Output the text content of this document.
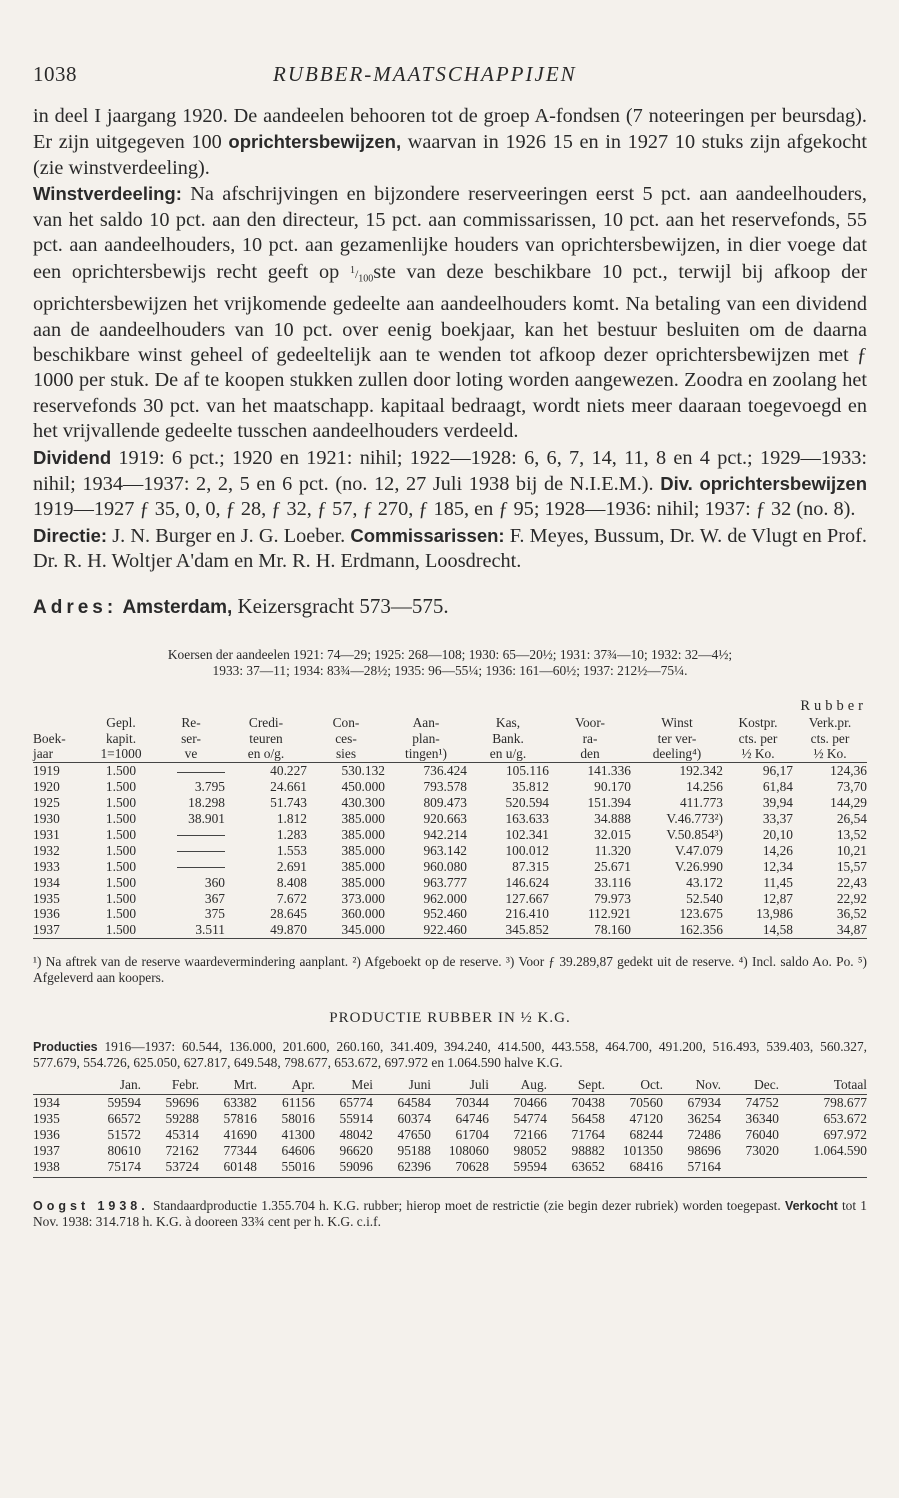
1038	RUBBER-MAATSCHAPPIJEN

in deel I jaargang 1920. De aandeelen behooren tot de groep A-fondsen (7 noteeringen per beursdag). Er zijn uitgegeven 100 oprichtersbewijzen, waarvan in 1926 15 en in 1927 10 stuks zijn afgekocht (zie winstverdeeling).

Winstverdeeling: Na afschrijvingen en bijzondere reserveeringen eerst 5 pct. aan aandeelhouders, van het saldo 10 pct. aan den directeur, 15 pct. aan commissarissen, 10 pct. aan het reservefonds, 55 pct. aan aandeelhouders, 10 pct. aan gezamenlijke houders van oprichtersbewijzen, in dier voege dat een oprichtersbewijs recht geeft op $^1/_{100}ste$ van deze beschikbare 10 pct., terwijl bij afkoop der oprichtersbewijzen het vrijkomende gedeelte aan aandeelhouders komt. Na betaling van een dividend aan de aandeelhouders van 10 pct. over eenig boekjaar, kan het bestuur besluiten om de daarna beschikbare winst geheel of gedeeltelijk aan te wenden tot afkoop dezer oprichtersbewijzen met ƒ 1000 per stuk. De af te koopen stukken zullen door loting worden aangewezen. Zoodra en zoolang het reservefonds 30 pct. van het maatschapp. kapitaal bedraagt, wordt niets meer daaraan toegevoegd en het vrijvallende gedeelte tusschen aandeelhouders verdeeld.

Dividend 1919: 6 pct.; 1920 en 1921: nihil; 1922—1928: 6, 6, 7, 14, 11, 8 en 4 pct.; 1929—1933: nihil; 1934—1937: 2, 2, 5 en 6 pct. (no. 12, 27 Juli 1938 bij de N.I.E.M.). Div. oprichtersbewijzen 1919—1927 ƒ 35, 0, 0, ƒ 28, ƒ 32, ƒ 57, ƒ 270, ƒ 185, en ƒ 95; 1928—1936: nihil; 1937: ƒ 32 (no. 8).

Directie: J. N. Burger en J. G. Loeber. Commissarissen: F. Meyes, Bussum, Dr. W. de Vlugt en Prof. Dr. R. H. Woltjer A'dam en Mr. R. H. Erdmann, Loosdrecht.

Adres: Amsterdam, Keizersgracht 573—575.
Koersen der aandeelen 1921: 74—29; 1925: 268—108; 1930: 65—20½; 1931: 37¾—10; 1932: 32—4½;
1933: 37—11; 1934: 83¾—28½; 1935: 96—55¼; 1936: 161—60½; 1937: 212½—75¼.
									Rubber	
	Gepl.	Re-	Credi-	Con-	Aan-	Kas,	Voor-	Winst	Kostpr.	Verk.pr.
Boek-	kapit.	ser-	teuren	ces-	plan-	Bank.	ra-	ter ver-	cts. per	cts. per
jaar	1=1000	ve	en o/g.	sies	tingen¹)	en u/g.	den	deeling⁴)	½ Ko.	½ Ko.
1919	1.500		40.227	530.132	736.424	105.116	141.336	192.342	96,17	124,36
1920	1.500	3.795	24.661	450.000	793.578	35.812	90.170	14.256	61,84	73,70
1925	1.500	18.298	51.743	430.300	809.473	520.594	151.394	411.773	39,94	144,29
1930	1.500	38.901	1.812	385.000	920.663	163.633	34.888	V.46.773²)	33,37	26,54
1931	1.500		1.283	385.000	942.214	102.341	32.015	V.50.854³)	20,10	13,52
1932	1.500		1.553	385.000	963.142	100.012	11.320	V.47.079	14,26	10,21
1933	1.500		2.691	385.000	960.080	87.315	25.671	V.26.990	12,34	15,57
1934	1.500	360	8.408	385.000	963.777	146.624	33.116	43.172	11,45	22,43
1935	1.500	367	7.672	373.000	962.000	127.667	79.973	52.540	12,87	22,92
1936	1.500	375	28.645	360.000	952.460	216.410	112.921	123.675	13,986	36,52
1937	1.500	3.511	49.870	345.000	922.460	345.852	78.160	162.356	14,58	34,87
¹) Na aftrek van de reserve waardevermindering aanplant. ²) Afgeboekt op de reserve. ³) Voor ƒ 39.289,87 gedekt uit de reserve. ⁴) Incl. saldo Ao. Po. ⁵) Afgeleverd aan koopers.
PRODUCTIE RUBBER IN ½ K.G.
Producties 1916—1937: 60.544, 136.000, 201.600, 260.160, 341.409, 394.240, 414.500, 443.558, 464.700, 491.200, 516.493, 539.403, 560.327, 577.679, 554.726, 625.050, 627.817, 649.548, 798.677, 653.672, 697.972 en 1.064.590 halve K.G.
	Jan.	Febr.	Mrt.	Apr.	Mei	Juni	Juli	Aug.	Sept.	Oct.	Nov.	Dec.	Totaal
1934	59594	59696	63382	61156	65774	64584	70344	70466	70438	70560	67934	74752	798.677
1935	66572	59288	57816	58016	55914	60374	64746	54774	56458	47120	36254	36340	653.672
1936	51572	45314	41690	41300	48042	47650	61704	72166	71764	68244	72486	76040	697.972
1937	80610	72162	77344	64606	96620	95188	108060	98052	98882	101350	98696	73020	1.064.590
1938	75174	53724	60148	55016	59096	62396	70628	59594	63652	68416	57164		
Oogst 1938. Standaardproductie 1.355.704 h. K.G. rubber; hierop moet de restrictie (zie begin dezer rubriek) worden toegepast. Verkocht tot 1 Nov. 1938: 314.718 h. K.G. à dooreen 33¾ cent per h. K.G. c.i.f.
